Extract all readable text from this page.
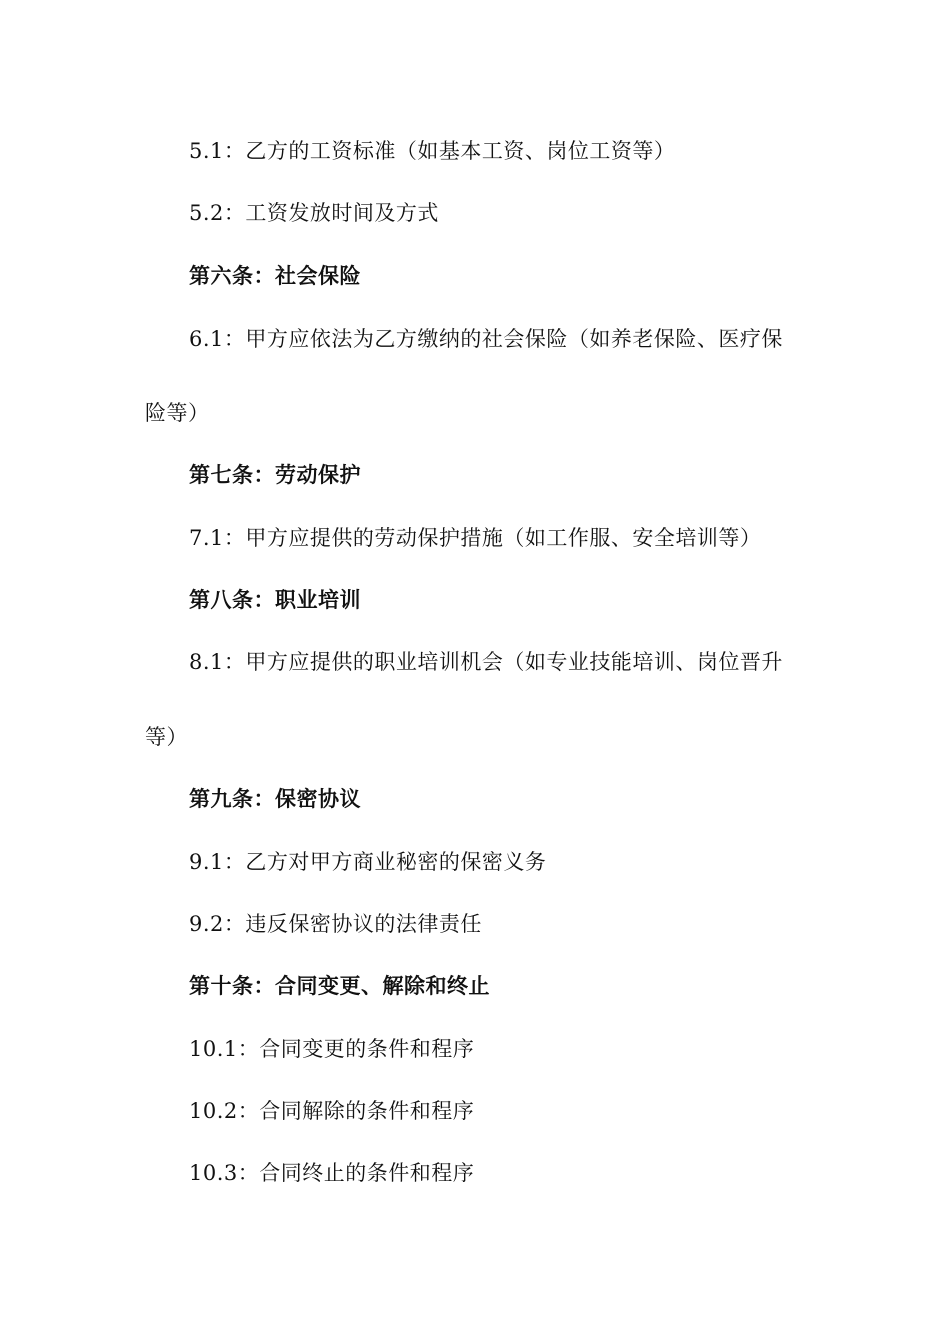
5.1：乙方的工资标准（如基本工资、岗位工资等）
5.2：工资发放时间及方式
第六条：社会保险
6.1：甲方应依法为乙方缴纳的社会保险（如养老保险、医疗保
险等）
第七条：劳动保护
7.1：甲方应提供的劳动保护措施（如工作服、安全培训等）
第八条：职业培训
8.1：甲方应提供的职业培训机会（如专业技能培训、岗位晋升
等）
第九条：保密协议
9.1：乙方对甲方商业秘密的保密义务
9.2：违反保密协议的法律责任
第十条：合同变更、解除和终止
10.1：合同变更的条件和程序
10.2：合同解除的条件和程序
10.3：合同终止的条件和程序
